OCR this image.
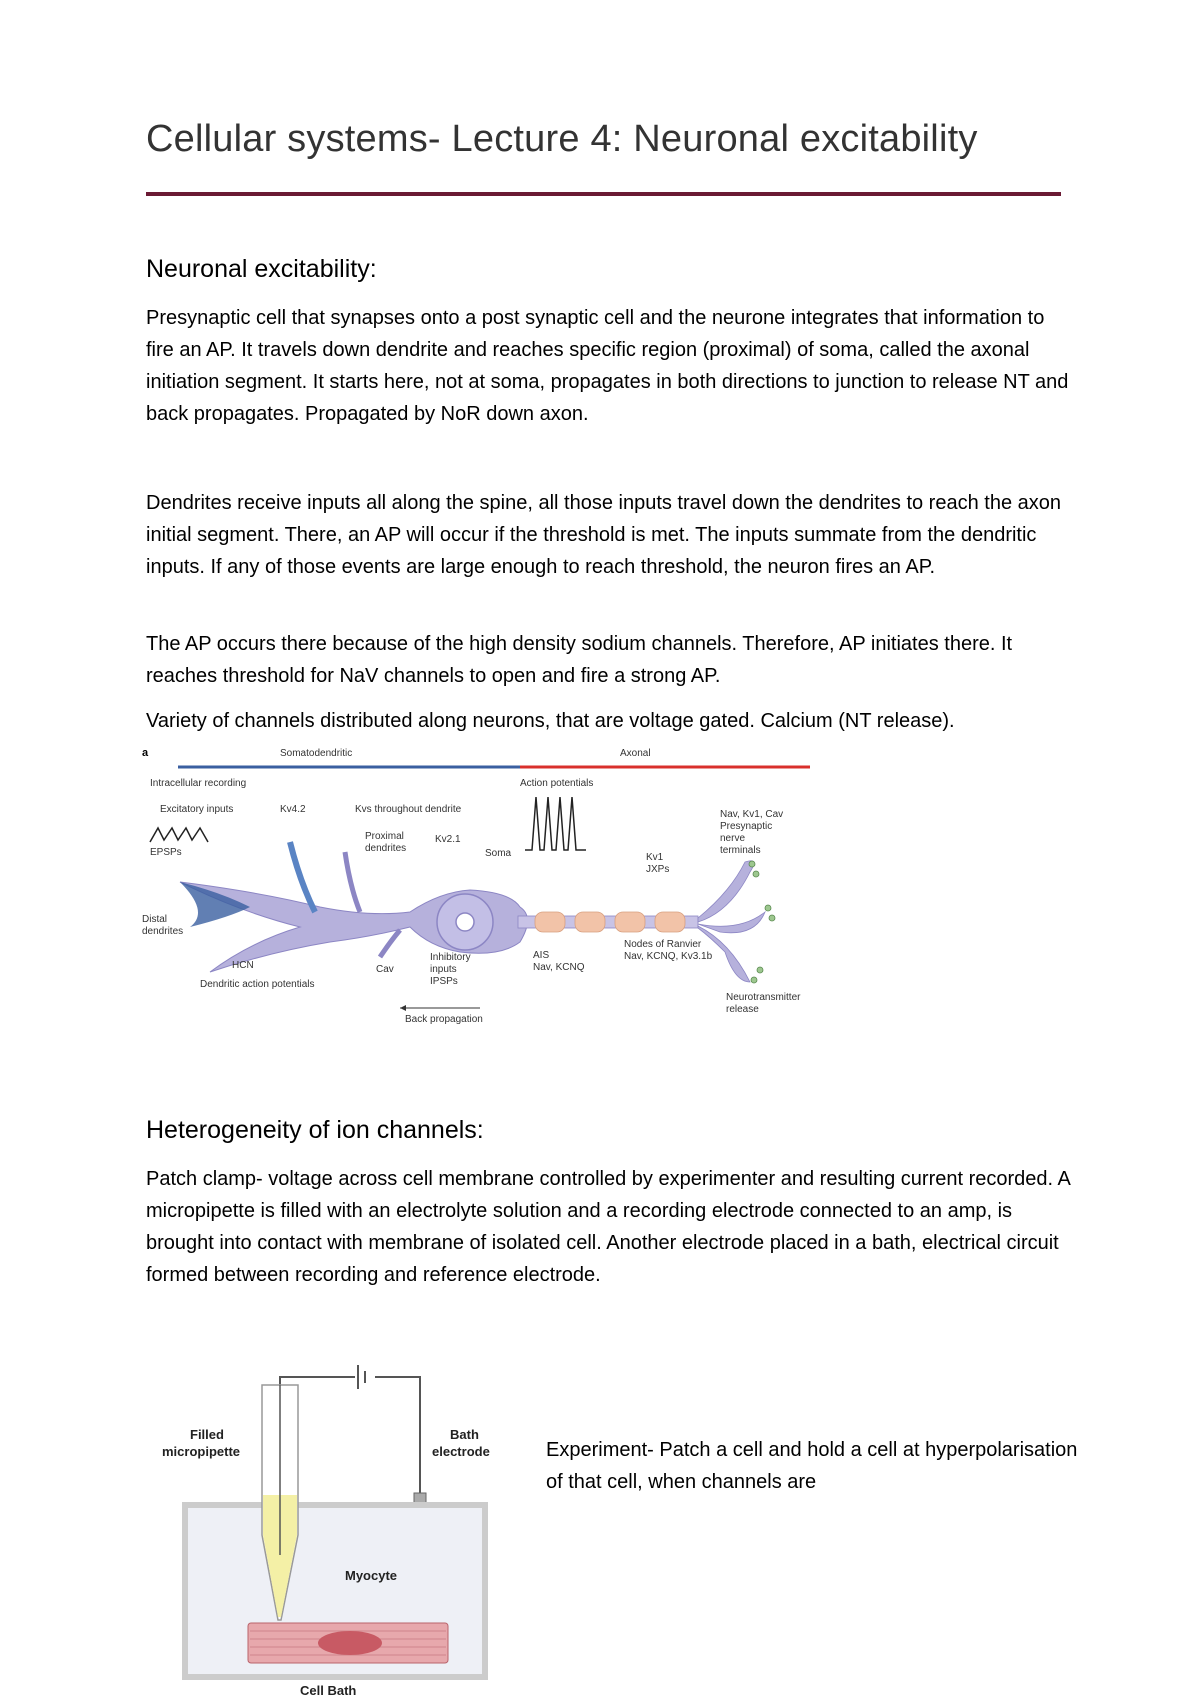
Cellular systems- Lecture 4: Neuronal excitability
Neuronal excitability:

Presynaptic cell that synapses onto a post synaptic cell and the neurone integrates that information to fire an AP. It travels down dendrite and reaches specific region (proximal) of soma, called the axonal initiation segment. It starts here, not at soma, propagates in both directions to junction to release NT and back propagates. Propagated by NoR down axon.

Dendrites receive inputs all along the spine, all those inputs travel down the dendrites to reach the axon initial segment. There, an AP will occur if the threshold is met. The inputs summate from the dendritic inputs. If any of those events are large enough to reach threshold, the neuron fires an AP.

The AP occurs there because of the high density sodium channels. Therefore, AP initiates there. It reaches threshold for NaV channels to open and fire a strong AP.

Variety of channels distributed along neurons, that are voltage gated. Calcium (NT release).

a	Somatodendritic	Axonal
Intracellular recording	Action potentials
Excitatory inputs
EPSPs
Kv4.2	Kvs throughout dendrite
Proximal
dendrites
Kv2.1
Soma
Nav, Kv1, Cav
Presynaptic
nerve
terminals
Kv1
JXPs
Distal
dendrites
HCN
Dendritic action potentials
Cav
Inhibitory
inputs
IPSPs
AIS
Nav, KCNQ
Nodes of Ranvier
Nav, KCNQ, Kv3.1b
Back propagation
Neurotransmitter
release
Heterogeneity of ion channels:

Patch clamp- voltage across cell membrane controlled by experimenter and resulting current recorded. A micropipette is filled with an electrolyte solution and a recording electrode connected to an amp, is brought into contact with membrane of isolated cell. Another electrode placed in a bath, electrical circuit formed between recording and reference electrode.

Filled
micropipette
Bath
electrode
Myocyte
Cell Bath
Experiment- Patch a cell and hold a cell at hyperpolarisation of that cell, when channels are
